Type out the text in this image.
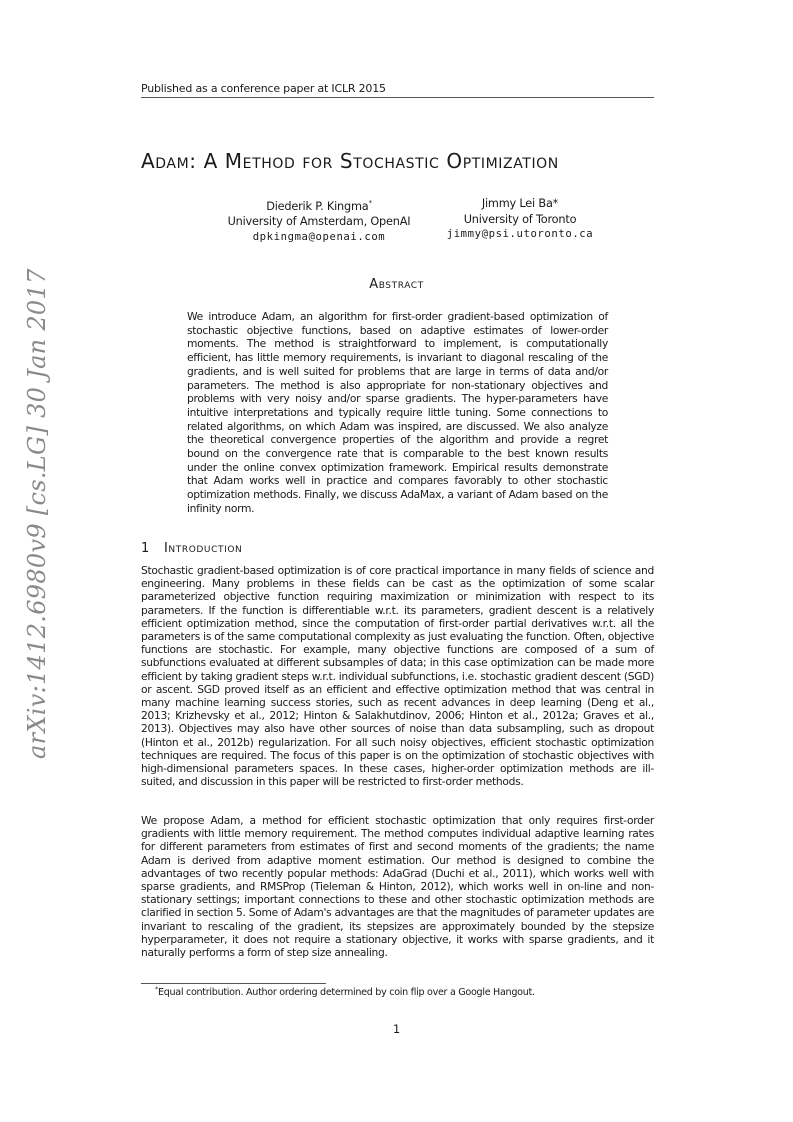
Published as a conference paper at ICLR 2015
Adam: A Method for Stochastic Optimization
Diederik P. Kingma*
University of Amsterdam, OpenAI
dpkingma@openai.com
Jimmy Lei Ba*
University of Toronto
jimmy@psi.utoronto.ca
Abstract
We introduce Adam, an algorithm for first-order gradient-based optimization of stochastic objective functions, based on adaptive estimates of lower-order moments. The method is straightforward to implement, is computationally efficient, has little memory requirements, is invariant to diagonal rescaling of the gradients, and is well suited for problems that are large in terms of data and/or parameters. The method is also appropriate for non-stationary objectives and problems with very noisy and/or sparse gradients. The hyper-parameters have intuitive interpretations and typically require little tuning. Some connections to related algorithms, on which Adam was inspired, are discussed. We also analyze the theoretical convergence properties of the algorithm and provide a regret bound on the convergence rate that is comparable to the best known results under the online convex optimization framework. Empirical results demonstrate that Adam works well in practice and compares favorably to other stochastic optimization methods. Finally, we discuss AdaMax, a variant of Adam based on the infinity norm.
arXiv:1412.6980v9 [cs.LG] 30 Jan 2017	1 Introduction
Stochastic gradient-based optimization is of core practical importance in many fields of science and engineering. Many problems in these fields can be cast as the optimization of some scalar parameterized objective function requiring maximization or minimization with respect to its parameters. If the function is differentiable w.r.t. its parameters, gradient descent is a relatively efficient optimization method, since the computation of first-order partial derivatives w.r.t. all the parameters is of the same computational complexity as just evaluating the function. Often, objective functions are stochastic. For example, many objective functions are composed of a sum of subfunctions evaluated at different subsamples of data; in this case optimization can be made more efficient by taking gradient steps w.r.t. individual subfunctions, i.e. stochastic gradient descent (SGD) or ascent. SGD proved itself as an efficient and effective optimization method that was central in many machine learning success stories, such as recent advances in deep learning (Deng et al., 2013; Krizhevsky et al., 2012; Hinton & Salakhutdinov, 2006; Hinton et al., 2012a; Graves et al., 2013). Objectives may also have other sources of noise than data subsampling, such as dropout (Hinton et al., 2012b) regularization. For all such noisy objectives, efficient stochastic optimization techniques are required. The focus of this paper is on the optimization of stochastic objectives with high-dimensional parameters spaces. In these cases, higher-order optimization methods are ill-suited, and discussion in this paper will be restricted to first-order methods.
We propose Adam, a method for efficient stochastic optimization that only requires first-order gradients with little memory requirement. The method computes individual adaptive learning rates for different parameters from estimates of first and second moments of the gradients; the name Adam is derived from adaptive moment estimation. Our method is designed to combine the advantages of two recently popular methods: AdaGrad (Duchi et al., 2011), which works well with sparse gradients, and RMSProp (Tieleman & Hinton, 2012), which works well in on-line and non-stationary settings; important connections to these and other stochastic optimization methods are clarified in section 5. Some of Adam's advantages are that the magnitudes of parameter updates are invariant to rescaling of the gradient, its stepsizes are approximately bounded by the stepsize hyperparameter, it does not require a stationary objective, it works with sparse gradients, and it naturally performs a form of step size annealing.
*Equal contribution. Author ordering determined by coin flip over a Google Hangout.
1
